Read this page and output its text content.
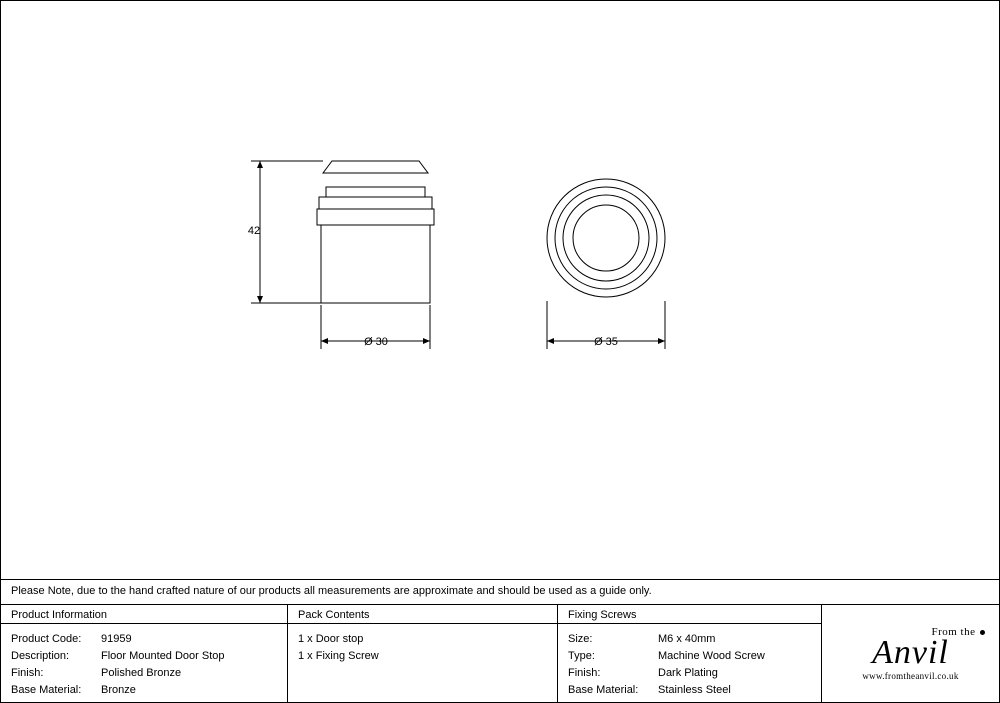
42
Ø 30	Ø 35
Please Note, due to the hand crafted nature of our products all measurements are approximate and should be used as a guide only.
Product Information
Product Code:	91959
Description:	Floor Mounted Door Stop
Finish:	Polished Bronze
Base Material:	Bronze
Pack Contents
1 x Door stop
1 x Fixing Screw
Fixing Screws
Size:	M6 x 40mm
Type:	Machine Wood Screw
Finish:	Dark Plating
Base Material:	Stainless Steel
From the
Anvil
www.fromtheanvil.co.uk
